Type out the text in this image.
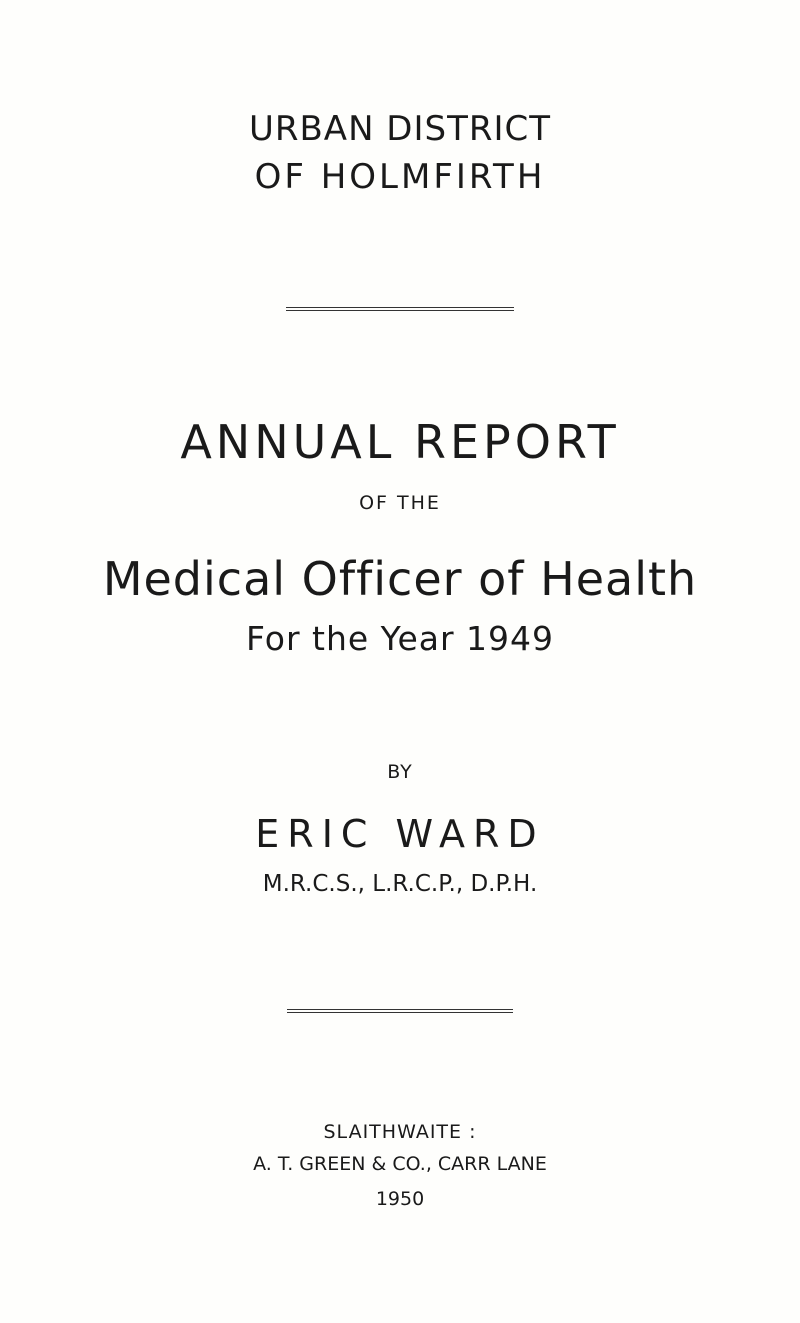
URBAN DISTRICT
OF HOLMFIRTH
ANNUAL REPORT
OF THE
Medical Officer of Health
For the Year 1949
BY
ERIC WARD
M.R.C.S., L.R.C.P., D.P.H.
SLAITHWAITE :
A. T. GREEN & CO., CARR LANE
1950
